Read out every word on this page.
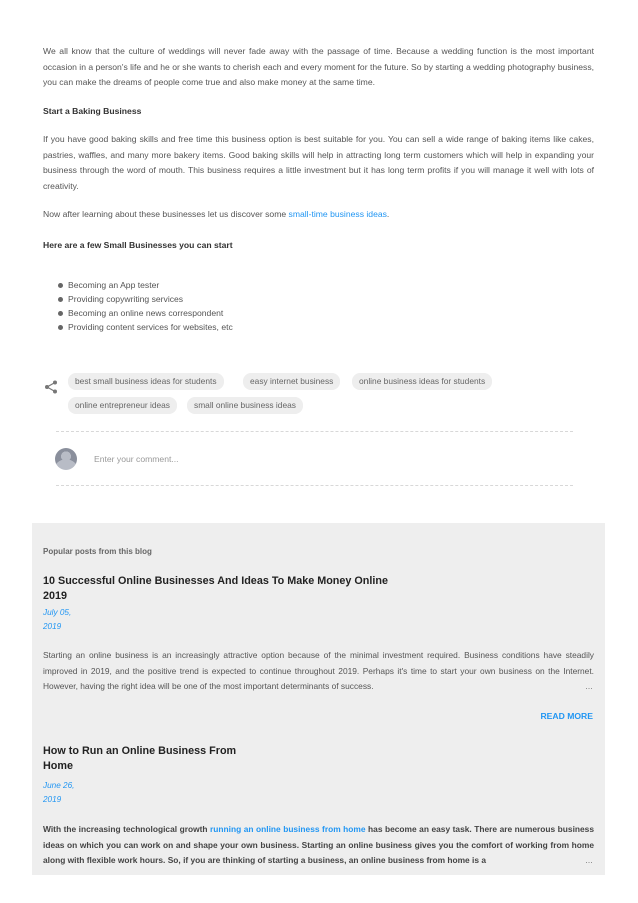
We all know that the culture of weddings will never fade away with the passage of time. Because a wedding function is the most important occasion in a person's life and he or she wants to cherish each and every moment for the future. So by starting a wedding photography business, you can make the dreams of people come true and also make money at the same time.

Start a Baking Business

If you have good baking skills and free time this business option is best suitable for you. You can sell a wide range of baking items like cakes, pastries, waffles, and many more bakery items. Good baking skills will help in attracting long term customers which will help in expanding your business through the word of mouth. This business requires a little investment but it has long term profits if you will manage it well with lots of creativity.

Now after learning about these businesses let us discover some small-time business ideas.

Here are a few Small Businesses you can start
Becoming an App tester
Providing copywriting services
Becoming an online news correspondent
Providing content services for websites, etc
best small business ideas for students	easy internet business	online business ideas for students
online entrepreneur ideas	small online business ideas
Enter your comment...
Popular posts from this blog
10 Successful Online Businesses And Ideas To Make Money Online
2019
July 05,
2019

Starting an online business is an increasingly attractive option because of the minimal investment required. Business conditions have steadily improved in 2019, and the positive trend is expected to continue throughout 2019. Perhaps it's time to start your own business on the Internet. However, having the right idea will be one of the most important determinants of success.	…
READ MORE
How to Run an Online Business From
Home
June 26,
2019

With the increasing technological growth running an online business from home has become an easy task. There are numerous business ideas on which you can work on and shape your own business. Starting an online business gives you the comfort of working from home along with flexible work hours. So, if you are thinking of starting a business, an online business from home is a	…
